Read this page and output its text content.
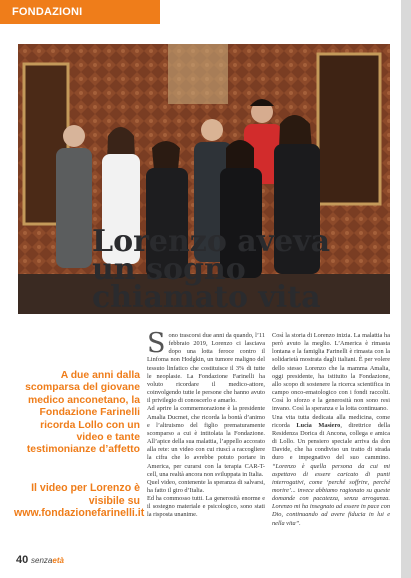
FONDAZIONI
Lorenzo aveva
un sogno
chiamato vita

A due anni dalla scomparsa del giovane medico anconetano, la Fondazione Farinelli ricorda Lollo con un video e tante testimonianze d’affetto

Il video per Lorenzo è visibile su www.fondazionefarinelli.it

Sono trascorsi due anni da quando, l’11 febbraio 2019, Lorenzo ci lasciava dopo una lotta feroce contro il Linfoma non Hodgkin, un tumore maligno del tessuto linfatico che costituisce il 3% di tutte le neoplasie. La Fondazione Farinelli ha voluto ricordare il medico-attore, coinvolgendo tutte le persone che hanno avuto il privilegio di conoscerlo e amarlo.

Ad aprire la commemorazione è la presidente Amalia Ducmet, che ricorda la bontà d’animo e l’altruismo del figlio prematuramente scomparso a cui è intitolata la Fondazione. All’apice della sua malattia, l’appello accorato alla rete: un video con cui riuscì a raccogliere la cifra che lo avrebbe potuto portare in America, per curarsi con la terapia CAR-T-cell, una realtà ancora non sviluppata in Italia.

Quel video, contenente la speranza di salvarsi, ha fatto il giro d’Italia.

Ed ha commosso tutti. La generosità enorme e il sostegno materiale e psicologico, sono stati la risposta unanime.

Così la storia di Lorenzo inizia. La malattia ha però avuto la meglio. L’America è rimasta lontana e la famiglia Farinelli è rimasta con la solidarietà mostrata dagli italiani. È per volere dello stesso Lorenzo che la mamma Amalia, oggi presidente, ha istituito la Fondazione, allo scopo di sostenere la ricerca scientifica in campo onco-ematologico con i fondi raccolti. Così lo sforzo e la generosità non sono resi invano. Così la speranza e la lotta continuano.

Una vita tutta dedicata alla medicina, come ricorda Lucia Masiero, direttrice della Residenza Dorica di Ancona, collega e amica di Lollo. Un pensiero speciale arriva da don Davide, che ha condiviso un tratto di strada duro e impegnativo del suo cammino. “Lorenzo è quella persona da cui mi aspettavo di essere caricato di punti interrogativi, come ‘perché soffrire, perché morire’... invece abbiamo ragionato su queste domande con pacatezza, senza arroganza. Lorenzo mi ha insegnato ad essere in pace con Dio, continuando ad avere fiducia in lui e nella vita”.

40 senzaetà
